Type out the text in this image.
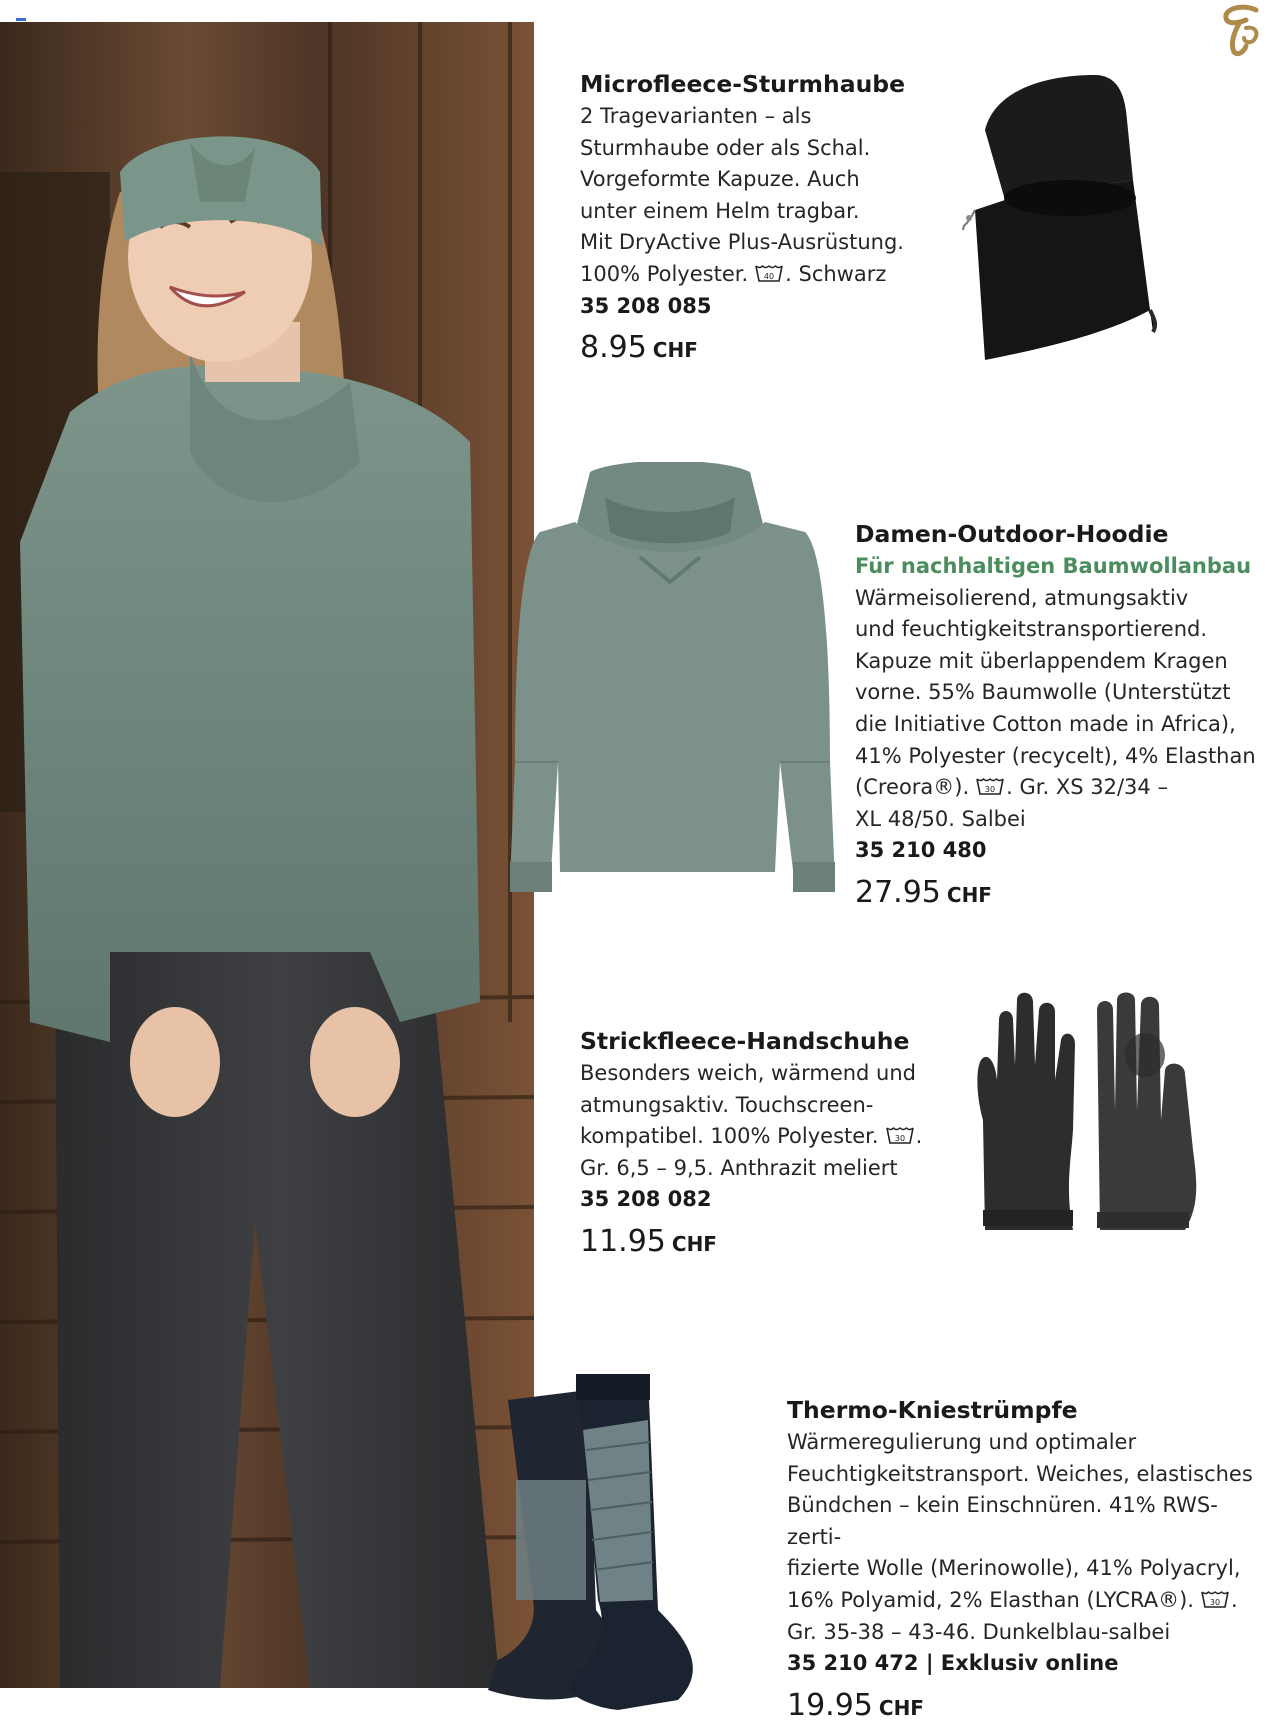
Microfleece-Sturmhaube
2 Tragevarianten – als
Sturmhaube oder als Schal.
Vorgeformte Kapuze. Auch
unter einem Helm tragbar.
Mit DryActive Plus-Ausrüstung.
100% Polyester. 40 . Schwarz
35 208 085
8.95 CHF
Damen-Outdoor-Hoodie
Für nachhaltigen Baumwollanbau
Wärmeisolierend, atmungsaktiv
und feuchtigkeitstransportierend.
Kapuze mit überlappendem Kragen
vorne. 55% Baumwolle (Unterstützt
die Initiative Cotton made in Africa),
41% Polyester (recycelt), 4% Elasthan
(Creora®). 30 . Gr. XS 32/34 –
XL 48/50. Salbei
35 210 480
27.95 CHF
Strickfleece-Handschuhe
Besonders weich, wärmend und
atmungsaktiv. Touchscreen-
kompatibel. 100% Polyester. 30 .
Gr. 6,5 – 9,5. Anthrazit meliert
35 208 082
11.95 CHF
Thermo-Kniestrümpfe
Wärmeregulierung und optimaler
Feuchtigkeitstransport. Weiches, elastisches
Bündchen – kein Einschnüren. 41% RWS-zerti-
fizierte Wolle (Merinowolle), 41% Polyacryl,
16% Polyamid, 2% Elasthan (LYCRA®). 30 .
Gr. 35-38 – 43-46. Dunkelblau-salbei
35 210 472 | Exklusiv online
19.95 CHF
